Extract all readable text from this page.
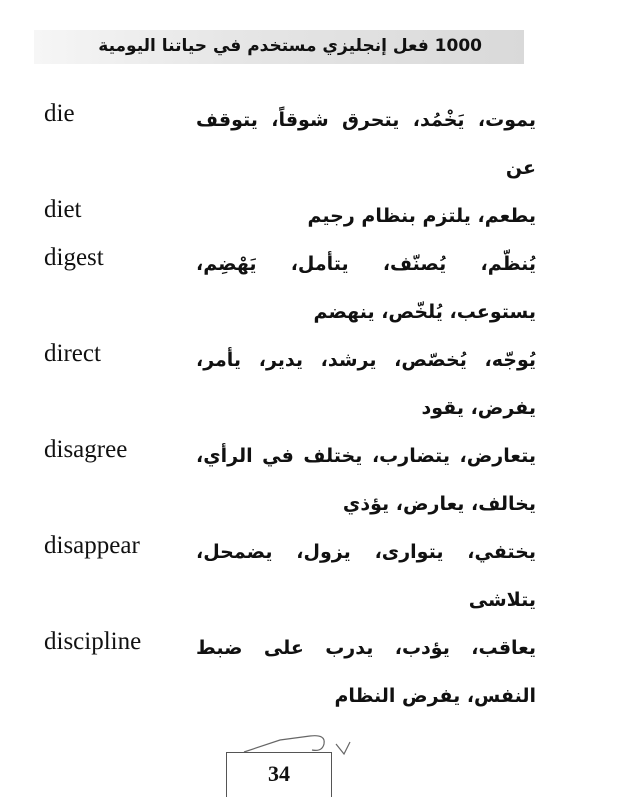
1000 فعل إنجليزي مستخدم في حياتنا اليومية
die	يموت، يَخْمُد، يتحرق شوقاً، يتوقف عن
diet	يطعم، يلتزم بنظام رجيم
digest	يُنظّم، يُصنّف، يتأمل، يَهْضِم، يستوعب، يُلخّص، ينهضم
direct	يُوجّه، يُخصّص، يرشد، يدير، يأمر، يفرض، يقود
disagree	يتعارض، يتضارب، يختلف في الرأي، يخالف، يعارض، يؤذي
disappear	يختفي، يتوارى، يزول، يضمحل، يتلاشى
discipline	يعاقب، يؤدب، يدرب على ضبط النفس، يفرض النظام
34
